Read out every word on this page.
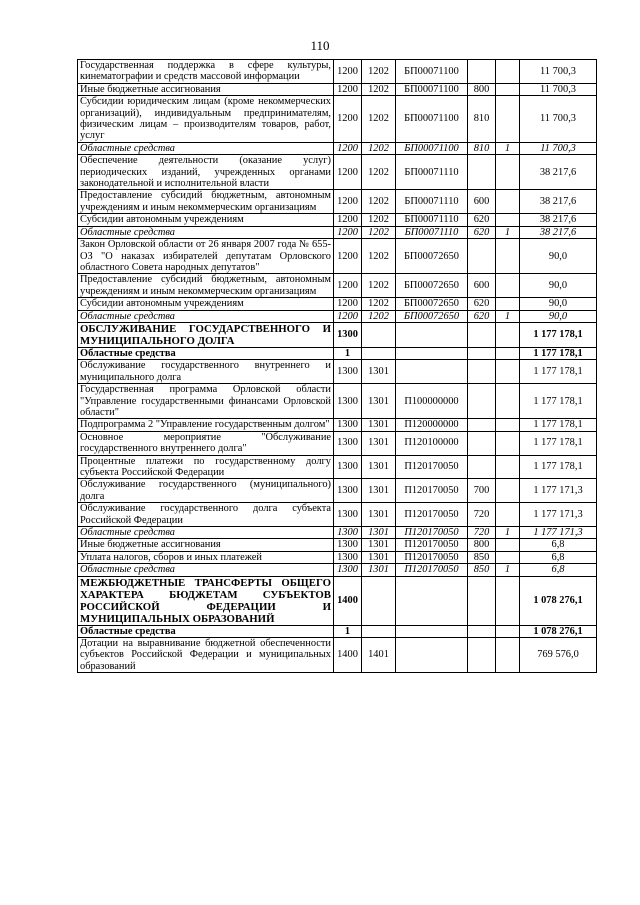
110
Государственная поддержка в сфере культуры, кинематографии и средств массовой информации	1200	1202	БП00071100			11 700,3
Иные бюджетные ассигнования	1200	1202	БП00071100	800		11 700,3
Субсидии юридическим лицам (кроме некоммерческих организаций), индивидуальным предпринимателям, физическим лицам – производителям товаров, работ, услуг	1200	1202	БП00071100	810		11 700,3
Областные средства	1200	1202	БП00071100	810	1	11 700,3
Обеспечение деятельности (оказание услуг) периодических изданий, учрежденных органами законодательной и исполнительной власти	1200	1202	БП00071110			38 217,6
Предоставление субсидий бюджетным, автономным учреждениям и иным некоммерческим организациям	1200	1202	БП00071110	600		38 217,6
Субсидии автономным учреждениям	1200	1202	БП00071110	620		38 217,6
Областные средства	1200	1202	БП00071110	620	1	38 217,6
Закон Орловской области от 26 января 2007 года № 655-ОЗ "О наказах избирателей депутатам Орловского областного Совета народных депутатов"	1200	1202	БП00072650			90,0
Предоставление субсидий бюджетным, автономным учреждениям и иным некоммерческим организациям	1200	1202	БП00072650	600		90,0
Субсидии автономным учреждениям	1200	1202	БП00072650	620		90,0
Областные средства	1200	1202	БП00072650	620	1	90,0
ОБСЛУЖИВАНИЕ ГОСУДАРСТВЕННОГО И МУНИЦИПАЛЬНОГО ДОЛГА	1300					1 177 178,1
Областные средства	1					1 177 178,1
Обслуживание государственного внутреннего и муниципального долга	1300	1301				1 177 178,1
Государственная программа Орловской области "Управление государственными финансами Орловской области"	1300	1301	П100000000			1 177 178,1
Подпрограмма 2 "Управление государственным долгом"	1300	1301	П120000000			1 177 178,1
Основное мероприятие "Обслуживание государственного внутреннего долга"	1300	1301	П120100000			1 177 178,1
Процентные платежи по государственному долгу субъекта Российской Федерации	1300	1301	П120170050			1 177 178,1
Обслуживание государственного (муниципального) долга	1300	1301	П120170050	700		1 177 171,3
Обслуживание государственного долга субъекта Российской Федерации	1300	1301	П120170050	720		1 177 171,3
Областные средства	1300	1301	П120170050	720	1	1 177 171,3
Иные бюджетные ассигнования	1300	1301	П120170050	800		6,8
Уплата налогов, сборов и иных платежей	1300	1301	П120170050	850		6,8
Областные средства	1300	1301	П120170050	850	1	6,8
МЕЖБЮДЖЕТНЫЕ ТРАНСФЕРТЫ ОБЩЕГО ХАРАКТЕРА БЮДЖЕТАМ СУБЪЕКТОВ РОССИЙСКОЙ ФЕДЕРАЦИИ И МУНИЦИПАЛЬНЫХ ОБРАЗОВАНИЙ	1400					1 078 276,1
Областные средства	1					1 078 276,1
Дотации на выравнивание бюджетной обеспеченности субъектов Российской Федерации и муниципальных образований	1400	1401				769 576,0
